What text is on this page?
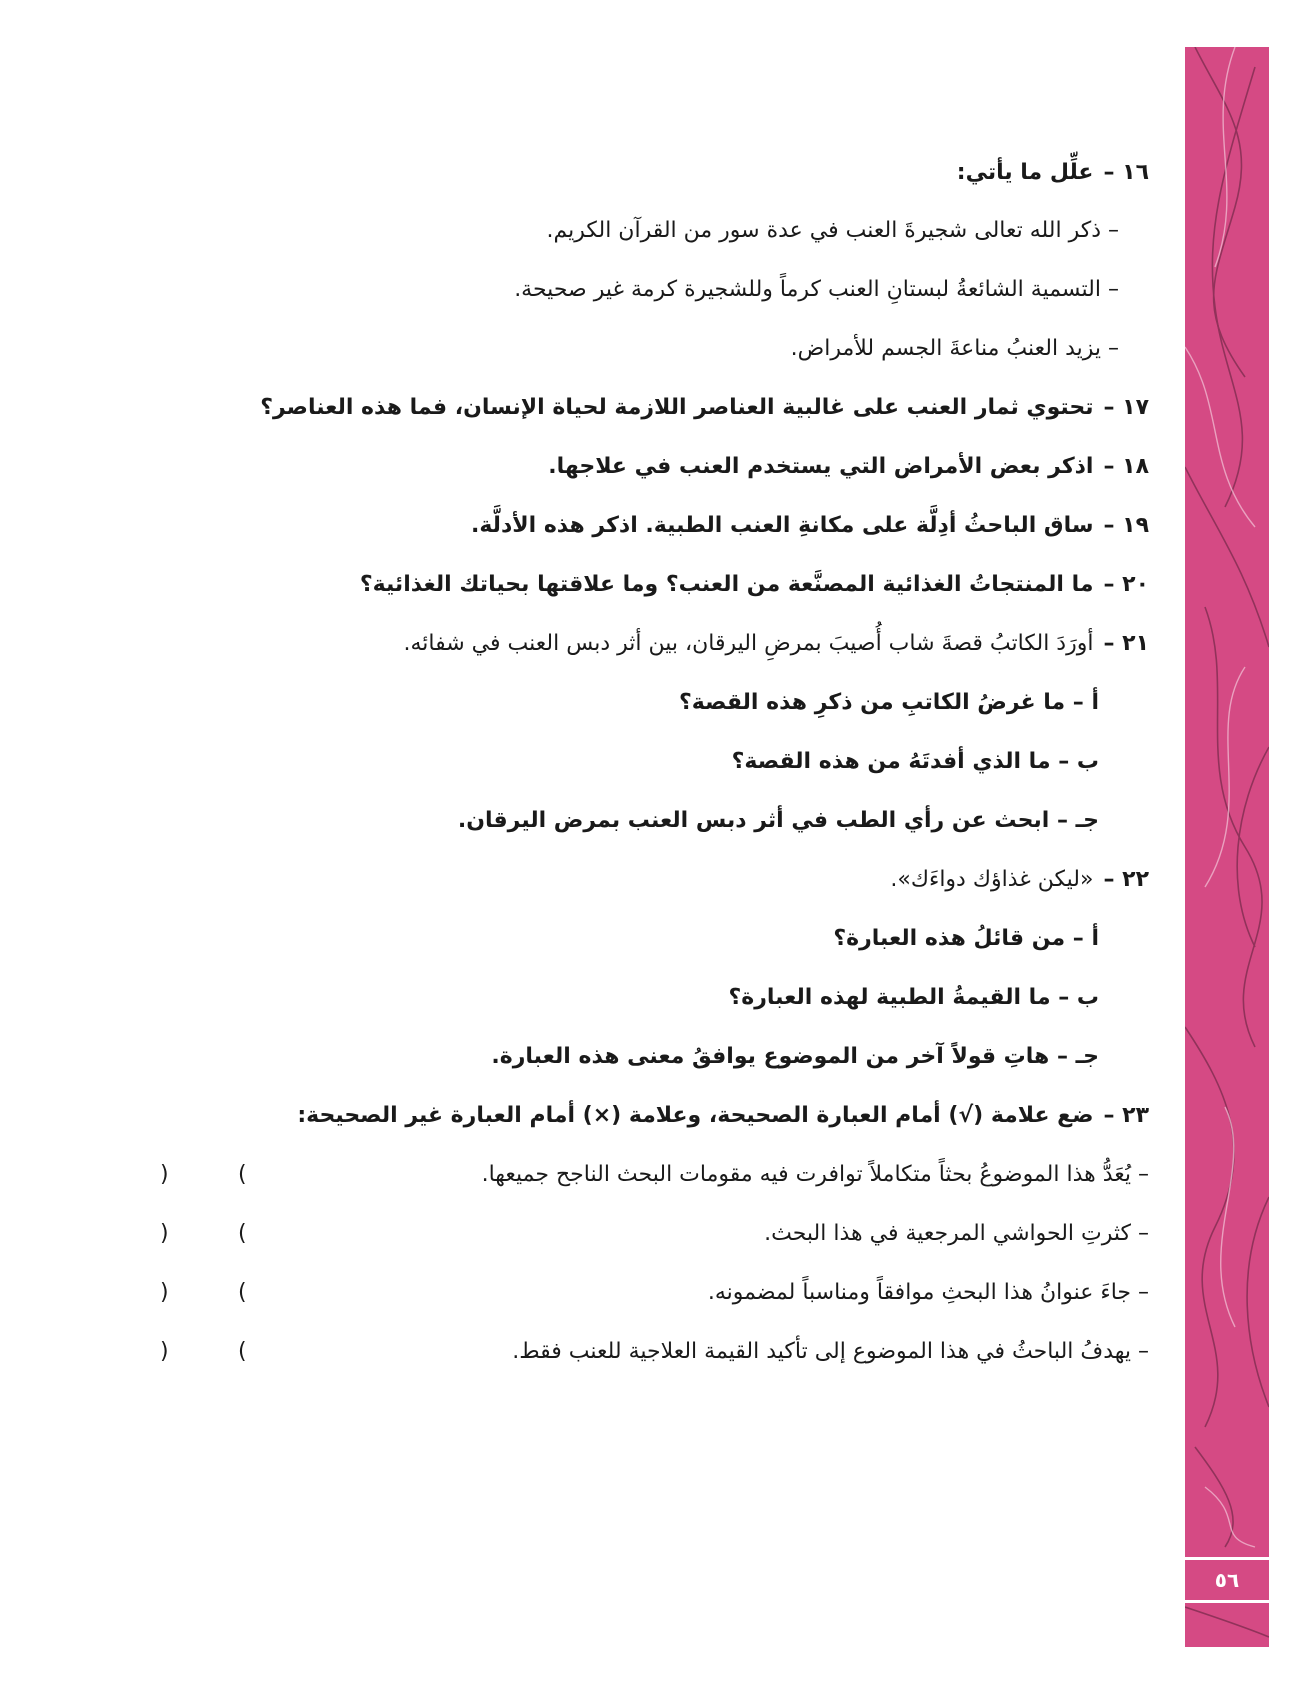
٥٦
١٦ –علِّل ما يأتي:
– ذكر الله تعالى شجيرةَ العنب في عدة سور من القرآن الكريم.
– التسمية الشائعةُ لبستانِ العنب كرماً وللشجيرة كرمة غير صحيحة.
– يزيد العنبُ مناعةَ الجسم للأمراض.
١٧ –تحتوي ثمار العنب على غالبية العناصر اللازمة لحياة الإنسان، فما هذه العناصر؟
١٨ –اذكر بعض الأمراض التي يستخدم العنب في علاجها.
١٩ –ساق الباحثُ أدِلَّة على مكانةِ العنب الطبية. اذكر هذه الأدلَّة.
٢٠ –ما المنتجاتُ الغذائية المصنَّعة من العنب؟ وما علاقتها بحياتك الغذائية؟
٢١ –أورَدَ الكاتبُ قصةَ شاب أُصيبَ بمرضِ اليرقان، بين أثر دبس العنب في شفائه.
أ – ما غرضُ الكاتبِ من ذكرِ هذه القصة؟
ب – ما الذي أفدتَهُ من هذه القصة؟
جـ – ابحث عن رأي الطب في أثر دبس العنب بمرض اليرقان.
٢٢ –«ليكن غذاؤك دواءَك».
أ – من قائلُ هذه العبارة؟
ب – ما القيمةُ الطبية لهذه العبارة؟
جـ – هاتِ قولاً آخر من الموضوع يوافقُ معنى هذه العبارة.
٢٣ –ضع علامة (√) أمام العبارة الصحيحة، وعلامة (×) أمام العبارة غير الصحيحة:
– يُعَدُّ هذا الموضوعُ بحثاً متكاملاً توافرت فيه مقومات البحث الناجح جميعها.
(
)
– كثرتِ الحواشي المرجعية في هذا البحث.
(
)
– جاءَ عنوانُ هذا البحثِ موافقاً ومناسباً لمضمونه.
(
)
– يهدفُ الباحثُ في هذا الموضوع إلى تأكيد القيمة العلاجية للعنب فقط.
(
)
